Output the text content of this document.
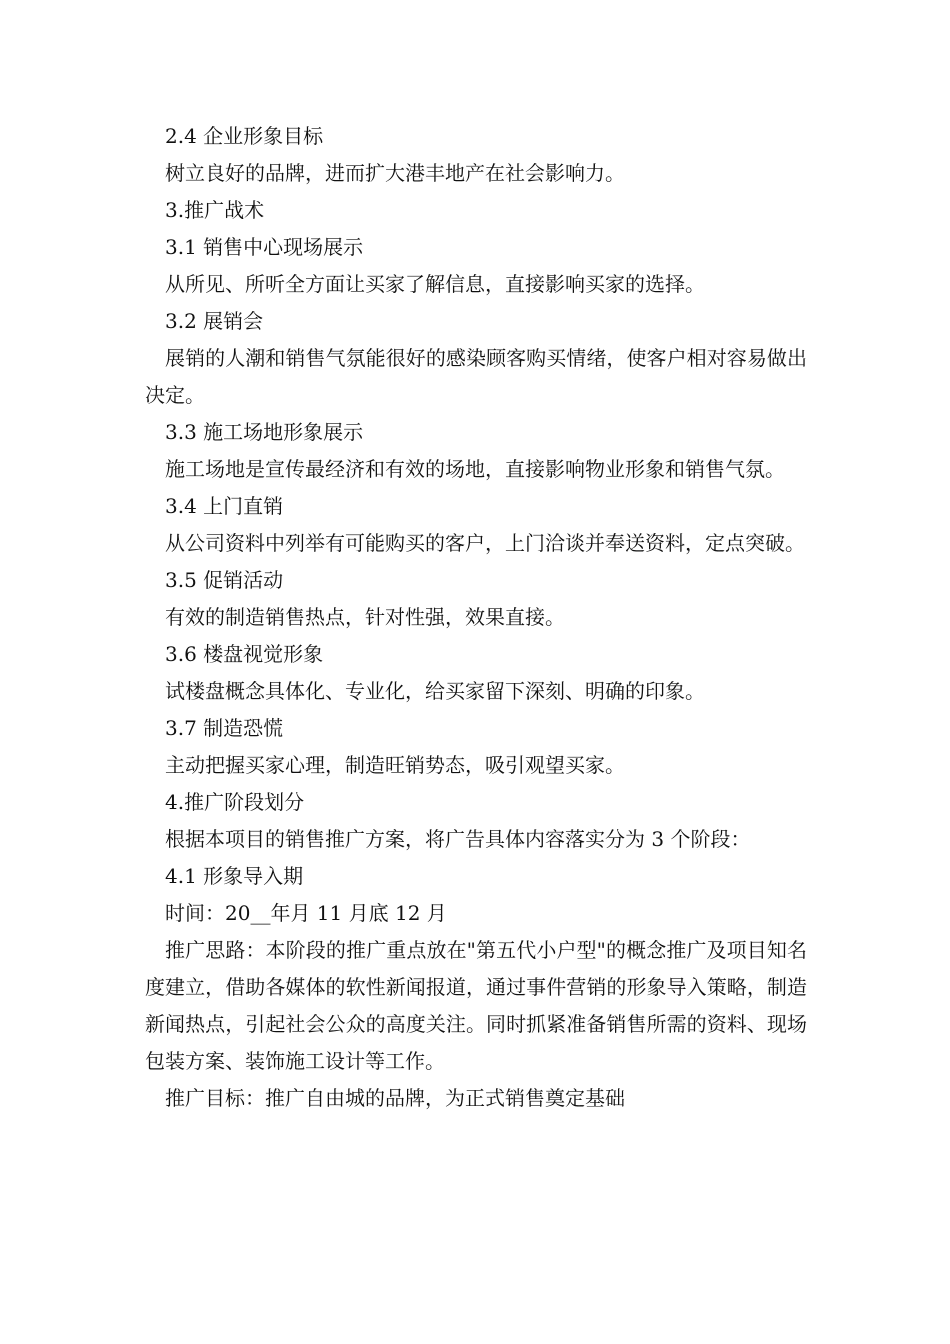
2.4 企业形象目标

树立良好的品牌，进而扩大港丰地产在社会影响力。

3.推广战术

3.1 销售中心现场展示

从所见、所听全方面让买家了解信息，直接影响买家的选择。

3.2 展销会

展销的人潮和销售气氛能很好的感染顾客购买情绪，使客户相对容易做出决定。

3.3 施工场地形象展示

施工场地是宣传最经济和有效的场地，直接影响物业形象和销售气氛。

3.4 上门直销

从公司资料中列举有可能购买的客户，上门洽谈并奉送资料，定点突破。

3.5 促销活动

有效的制造销售热点，针对性强，效果直接。

3.6 楼盘视觉形象

试楼盘概念具体化、专业化，给买家留下深刻、明确的印象。

3.7 制造恐慌

主动把握买家心理，制造旺销势态，吸引观望买家。

4.推广阶段划分

根据本项目的销售推广方案，将广告具体内容落实分为 3 个阶段：

4.1 形象导入期

时间：20__年月 11 月底 12 月

推广思路：本阶段的推广重点放在"第五代小户型"的概念推广及项目知名度建立，借助各媒体的软性新闻报道，通过事件营销的形象导入策略，制造新闻热点，引起社会公众的高度关注。同时抓紧准备销售所需的资料、现场包装方案、装饰施工设计等工作。

推广目标：推广自由城的品牌，为正式销售奠定基础
